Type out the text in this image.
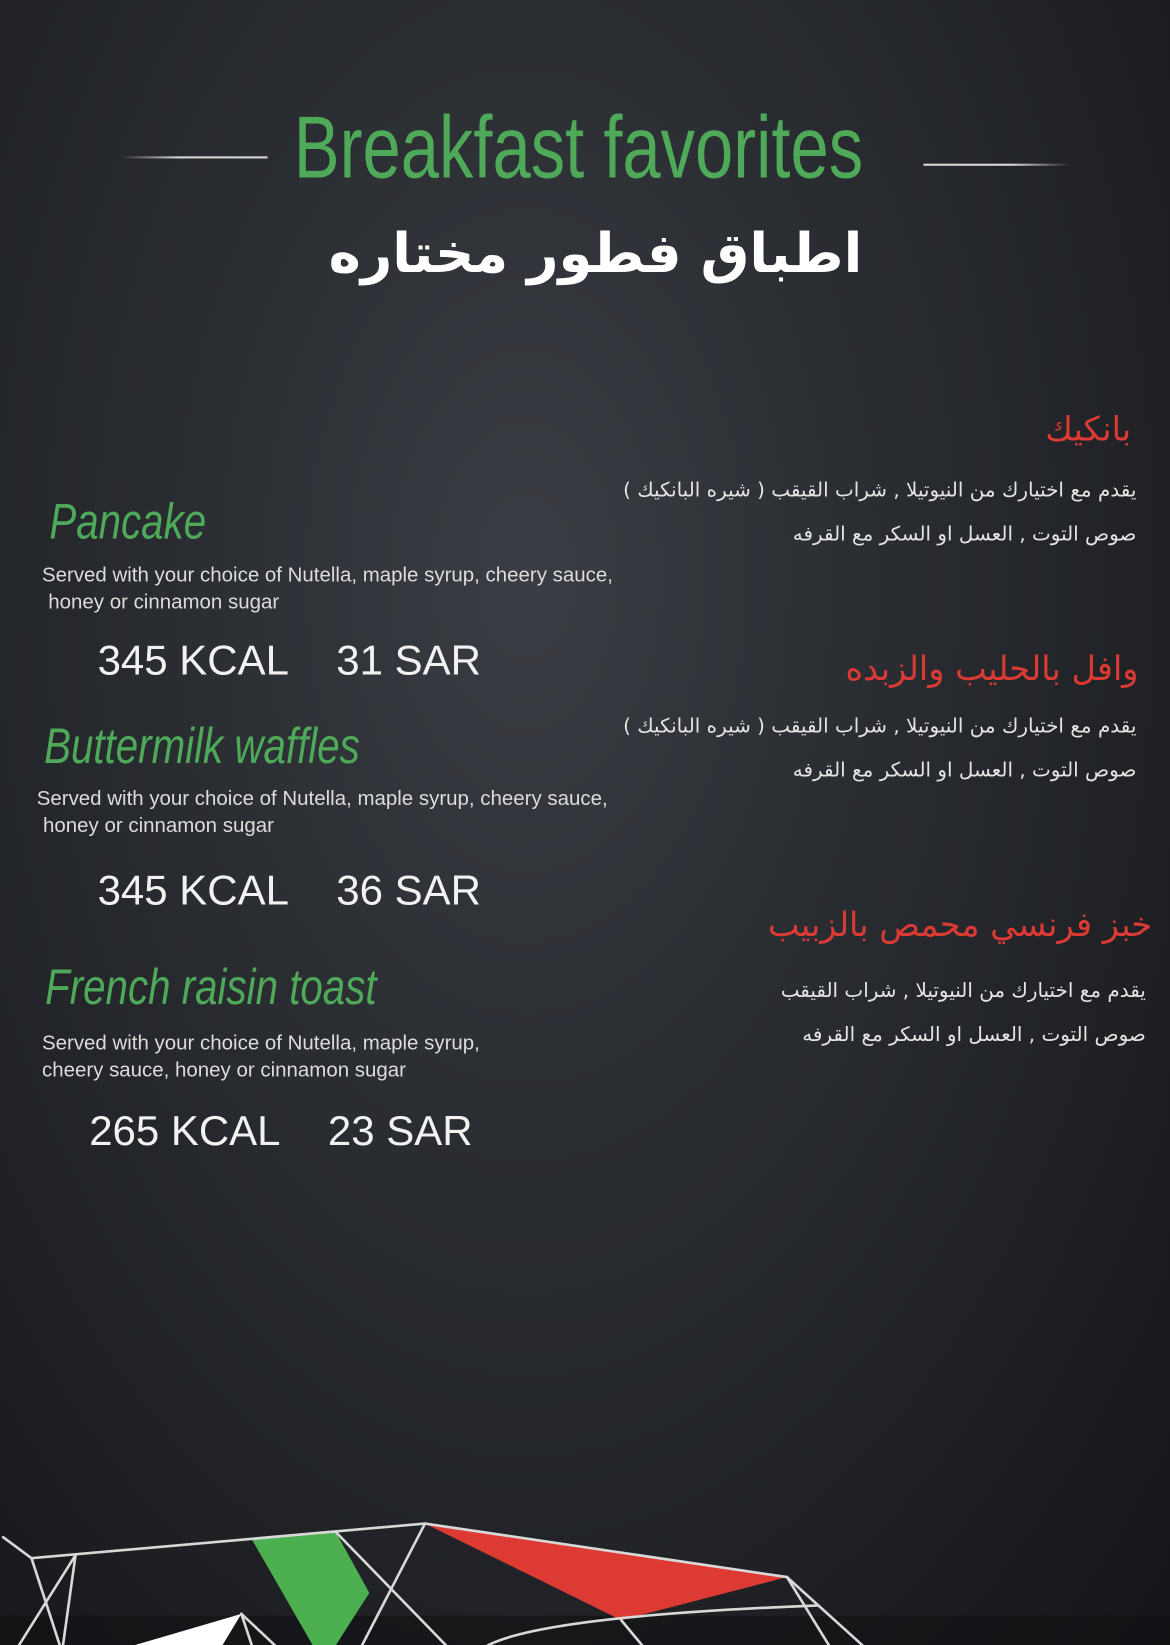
Breakfast favorites
اطباق فطور مختاره
Pancake
Served with your choice of Nutella, maple syrup, cheery sauce,
honey or cinnamon sugar
345 KCAL 31 SAR
Buttermilk waffles
Served with your choice of Nutella, maple syrup, cheery sauce,
honey or cinnamon sugar
345 KCAL 36 SAR
French raisin toast
Served with your choice of Nutella, maple syrup,
cheery sauce, honey or cinnamon sugar
265 KCAL 23 SAR
بانكيك
يقدم مع اختيارك من النيوتيلا , شراب القيقب ( شيره البانكيك )
صوص التوت , العسل او السكر مع القرفه
وافل بالحليب والزبده
يقدم مع اختيارك من النيوتيلا , شراب القيقب ( شيره البانكيك )
صوص التوت , العسل او السكر مع القرفه
خبز فرنسي محمص بالزبيب
يقدم مع اختيارك من النيوتيلا , شراب القيقب
صوص التوت , العسل او السكر مع القرفه
